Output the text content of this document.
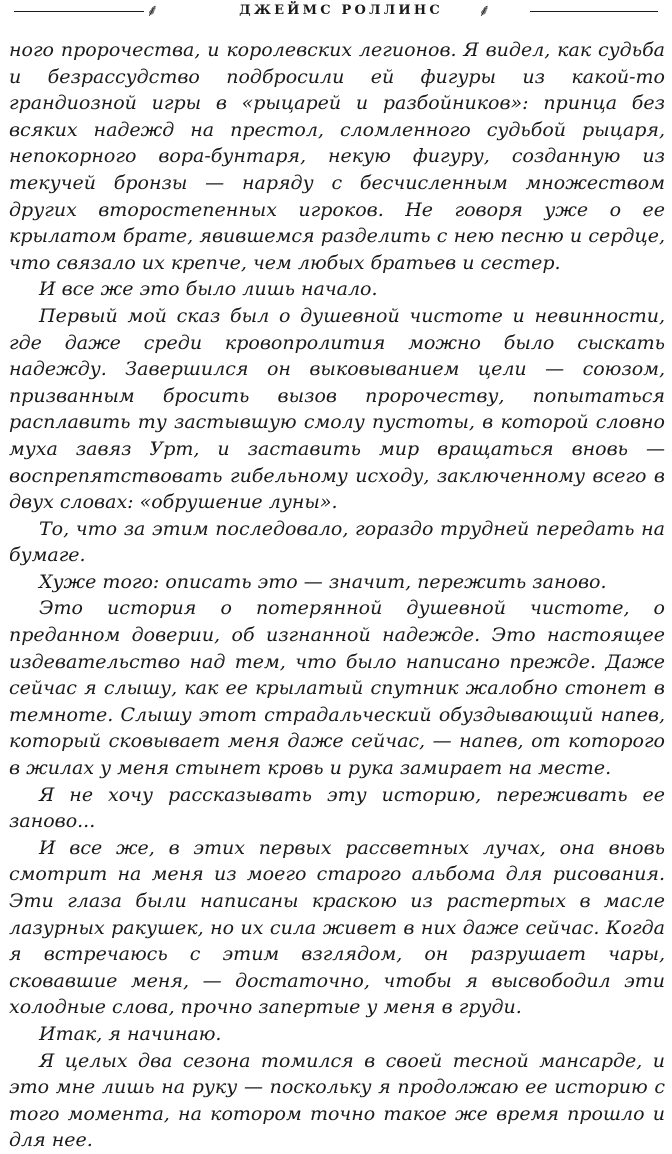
⸙	ДЖЕЙМС РОЛЛИНС	⸙

ного пророчества, и королевских легионов. Я видел, как судьба и безрассудство подбросили ей фигуры из какой-то грандиозной игры в «рыцарей и разбойников»: принца без всяких надежд на престол, сломленного судьбой рыцаря, непокорного вора-бунтаря, некую фигуру, созданную из текучей бронзы — наряду с бесчисленным множеством других второстепенных игроков. Не говоря уже о ее крылатом брате, явившемся разделить с нею песню и сердце, что связало их крепче, чем любых братьев и сестер.

И все же это было лишь начало.

Первый мой сказ был о душевной чистоте и невинности, где даже среди кровопролития можно было сыскать надежду. Завершился он выковыванием цели — союзом, призванным бросить вызов пророчеству, попытаться расплавить ту застывшую смолу пустоты, в которой словно муха завяз Урт, и заставить мир вращаться вновь — воспрепятствовать гибельному исходу, заключенному всего в двух словах: «обрушение луны».

То, что за этим последовало, гораздо трудней передать на бумаге.

Хуже того: описать это — значит, пережить заново.

Это история о потерянной душевной чистоте, о преданном доверии, об изгнанной надежде. Это настоящее издевательство над тем, что было написано прежде. Даже сейчас я слышу, как ее крылатый спутник жалобно стонет в темноте. Слышу этот страдальческий обуздывающий напев, который сковывает меня даже сейчас, — напев, от которого в жилах у меня стынет кровь и рука замирает на месте.

Я не хочу рассказывать эту историю, переживать ее заново...

И все же, в этих первых рассветных лучах, она вновь смотрит на меня из моего старого альбома для рисования. Эти глаза были написаны краскою из растертых в масле лазурных ракушек, но их сила живет в них даже сейчас. Когда я встречаюсь с этим взглядом, он разрушает чары, сковавшие меня, — достаточно, чтобы я высвободил эти холодные слова, прочно запертые у меня в груди.

Итак, я начинаю.

Я целых два сезона томился в своей тесной мансарде, и это мне лишь на руку — поскольку я продолжаю ее историю с того момента, на котором точно такое же время прошло и для нее.
